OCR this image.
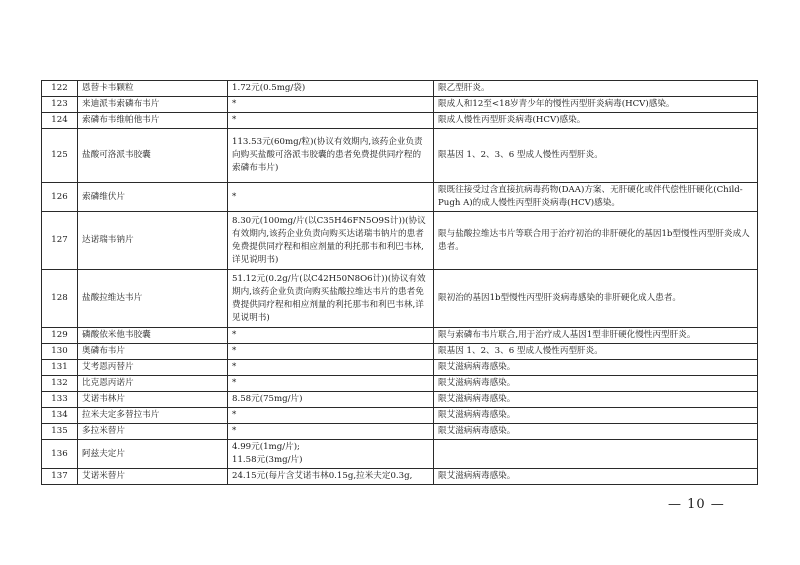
122	恩替卡韦颗粒	1.72元(0.5mg/袋)	限乙型肝炎。
123	来迪派韦索磷布韦片	*	限成人和12至<18岁青少年的慢性丙型肝炎病毒(HCV)感染。
124	索磷布韦维帕他韦片	*	限成人慢性丙型肝炎病毒(HCV)感染。
125	盐酸可洛派韦胶囊	113.53元(60mg/粒)(协议有效期内,该药企业负责向购买盐酸可洛派韦胶囊的患者免费提供同疗程的索磷布韦片)	限基因 1、2、3、6 型成人慢性丙型肝炎。
126	索磷维伏片	*	限既往接受过含直接抗病毒药物(DAA)方案、无肝硬化或伴代偿性肝硬化(Child-Pugh A)的成人慢性丙型肝炎病毒(HCV)感染。
127	达诺瑞韦钠片	8.30元(100mg/片(以C35H46FN5O9S计))(协议有效期内,该药企业负责向购买达诺瑞韦钠片的患者免费提供同疗程和相应剂量的利托那韦和利巴韦林,详见说明书)	限与盐酸拉维达韦片等联合用于治疗初治的非肝硬化的基因1b型慢性丙型肝炎成人患者。
128	盐酸拉维达韦片	51.12元(0.2g/片(以C42H50N8O6计))(协议有效期内,该药企业负责向购买盐酸拉维达韦片的患者免费提供同疗程和相应剂量的利托那韦和利巴韦林,详见说明书)	限初治的基因1b型慢性丙型肝炎病毒感染的非肝硬化成人患者。
129	磷酸依米他韦胶囊	*	限与索磷布韦片联合,用于治疗成人基因1型非肝硬化慢性丙型肝炎。
130	奥磷布韦片	*	限基因 1、2、3、6 型成人慢性丙型肝炎。
131	艾考恩丙替片	*	限艾滋病病毒感染。
132	比克恩丙诺片	*	限艾滋病病毒感染。
133	艾诺韦林片	8.58元(75mg/片)	限艾滋病病毒感染。
134	拉米夫定多替拉韦片	*	限艾滋病病毒感染。
135	多拉米替片	*	限艾滋病病毒感染。
136	阿兹夫定片	4.99元(1mg/片);
11.58元(3mg/片)	
137	艾诺米替片	24.15元(每片含艾诺韦林0.15g,拉米夫定0.3g,	限艾滋病病毒感染。
— 10 —
